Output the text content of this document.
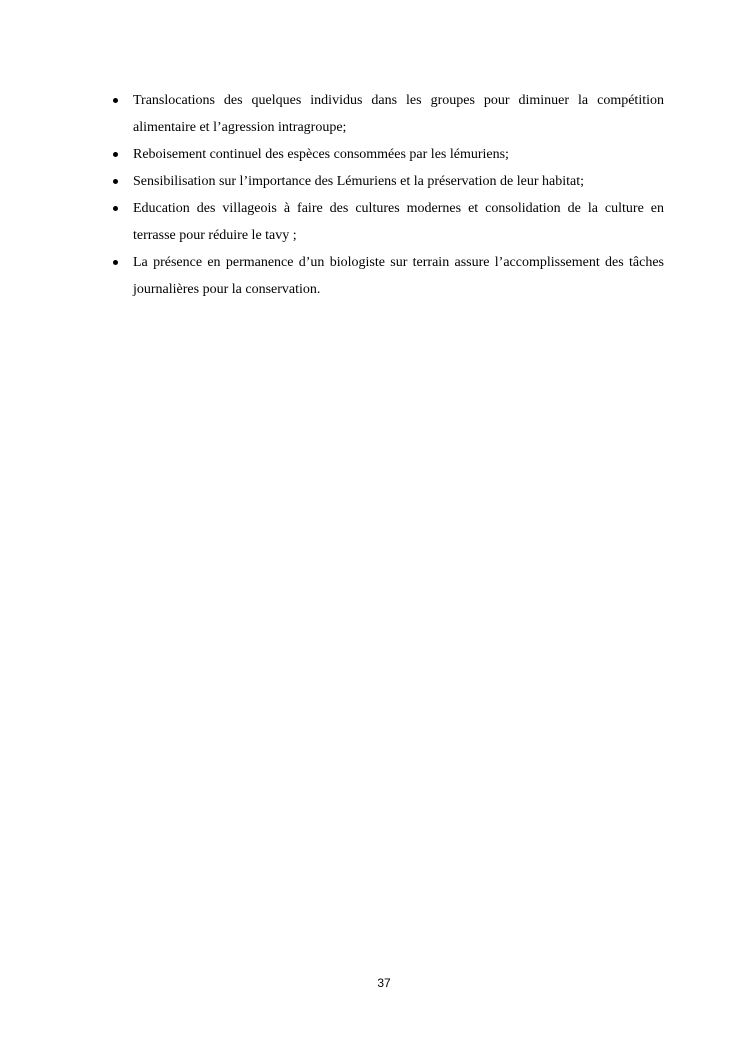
Translocations des quelques individus dans les groupes pour diminuer la compétition alimentaire et l’agression intragroupe;
Reboisement continuel des espèces consommées par les lémuriens;
Sensibilisation sur l’importance des Lémuriens et la préservation de leur habitat;
Education des villageois à faire des cultures modernes et consolidation de la culture en terrasse pour réduire le tavy ;
La présence en permanence d’un biologiste sur terrain assure l’accomplissement des tâches journalières pour la conservation.
37
